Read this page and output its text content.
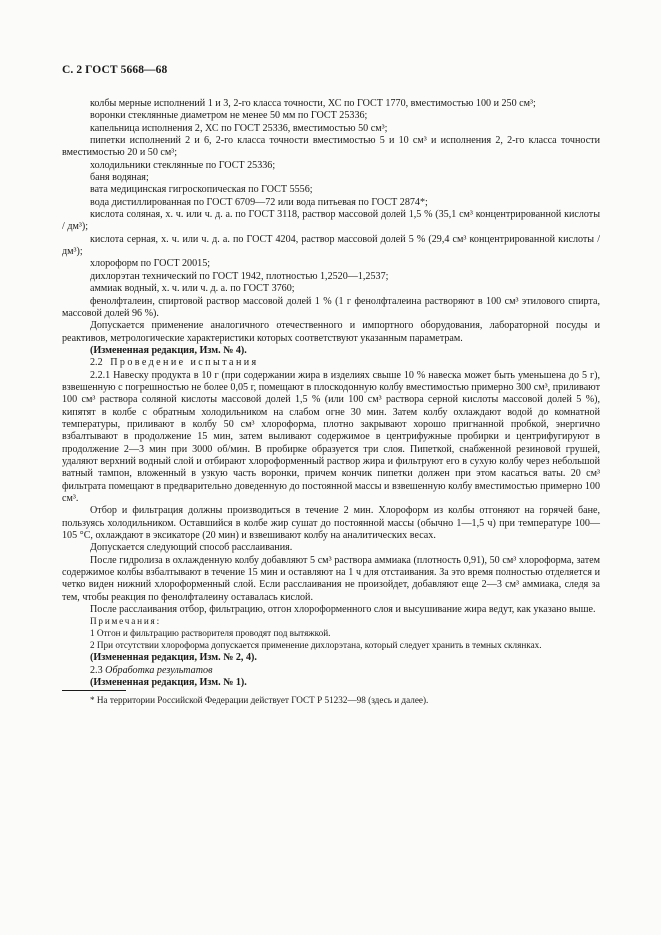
С. 2 ГОСТ 5668—68

колбы мерные исполнений 1 и 3, 2-го класса точности, ХС по ГОСТ 1770, вместимостью 100 и 250 см³;

воронки стеклянные диаметром не менее 50 мм по ГОСТ 25336;

капельница исполнения 2, ХС по ГОСТ 25336, вместимостью 50 см³;

пипетки исполнений 2 и 6, 2-го класса точности вместимостью 5 и 10 см³ и исполнения 2, 2-го класса точности вместимостью 20 и 50 см³;

холодильники стеклянные по ГОСТ 25336;

баня водяная;

вата медицинская гигроскопическая по ГОСТ 5556;

вода дистиллированная по ГОСТ 6709—72 или вода питьевая по ГОСТ 2874*;

кислота соляная, х. ч. или ч. д. а. по ГОСТ 3118, раствор массовой долей 1,5 % (35,1 см³ концентрированной кислоты / дм³);

кислота серная, х. ч. или ч. д. а. по ГОСТ 4204, раствор массовой долей 5 % (29,4 см³ концентрированной кислоты / дм³);

хлороформ по ГОСТ 20015;

дихлорэтан технический по ГОСТ 1942, плотностью 1,2520—1,2537;

аммиак водный, х. ч. или ч. д. а. по ГОСТ 3760;

фенолфталеин, спиртовой раствор массовой долей 1 % (1 г фенолфталеина растворяют в 100 см³ этилового спирта, массовой долей 96 %).

Допускается применение аналогичного отечественного и импортного оборудования, лабораторной посуды и реактивов, метрологические характеристики которых соответствуют указанным параметрам.

(Измененная редакция, Изм. № 4).

2.2 Проведение испытания

2.2.1 Навеску продукта в 10 г (при содержании жира в изделиях свыше 10 % навеска может быть уменьшена до 5 г), взвешенную с погрешностью не более 0,05 г, помещают в плоскодонную колбу вместимостью примерно 300 см³, приливают 100 см³ раствора соляной кислоты массовой долей 1,5 % (или 100 см³ раствора серной кислоты массовой долей 5 %), кипятят в колбе с обратным холодильником на слабом огне 30 мин. Затем колбу охлаждают водой до комнатной температуры, приливают в колбу 50 см³ хлороформа, плотно закрывают хорошо пригнанной пробкой, энергично взбалтывают в продолжение 15 мин, затем выливают содержимое в центрифужные пробирки и центрифугируют в продолжение 2—3 мин при 3000 об/мин. В пробирке образуется три слоя. Пипеткой, снабженной резиновой грушей, удаляют верхний водный слой и отбирают хлороформенный раствор жира и фильтруют его в сухую колбу через небольшой ватный тампон, вложенный в узкую часть воронки, причем кончик пипетки должен при этом касаться ваты. 20 см³ фильтрата помещают в предварительно доведенную до постоянной массы и взвешенную колбу вместимостью примерно 100 см³.

Отбор и фильтрация должны производиться в течение 2 мин. Хлороформ из колбы отгоняют на горячей бане, пользуясь холодильником. Оставшийся в колбе жир сушат до постоянной массы (обычно 1—1,5 ч) при температуре 100—105 °С, охлаждают в эксикаторе (20 мин) и взвешивают колбу на аналитических весах.

Допускается следующий способ расслаивания.

После гидролиза в охлажденную колбу добавляют 5 см³ раствора аммиака (плотность 0,91), 50 см³ хлороформа, затем содержимое колбы взбалтывают в течение 15 мин и оставляют на 1 ч для отстаивания. За это время полностью отделяется и четко виден нижний хлороформенный слой. Если расслаивания не произойдет, добавляют еще 2—3 см³ аммиака, следя за тем, чтобы реакция по фенолфталеину оставалась кислой.

После расслаивания отбор, фильтрацию, отгон хлороформенного слоя и высушивание жира ведут, как указано выше.

Примечания:

1 Отгон и фильтрацию растворителя проводят под вытяжкой.

2 При отсутствии хлороформа допускается применение дихлорэтана, который следует хранить в темных склянках.

(Измененная редакция, Изм. № 2, 4).

2.3 Обработка результатов

(Измененная редакция, Изм. № 1).

* На территории Российской Федерации действует ГОСТ Р 51232—98 (здесь и далее).
